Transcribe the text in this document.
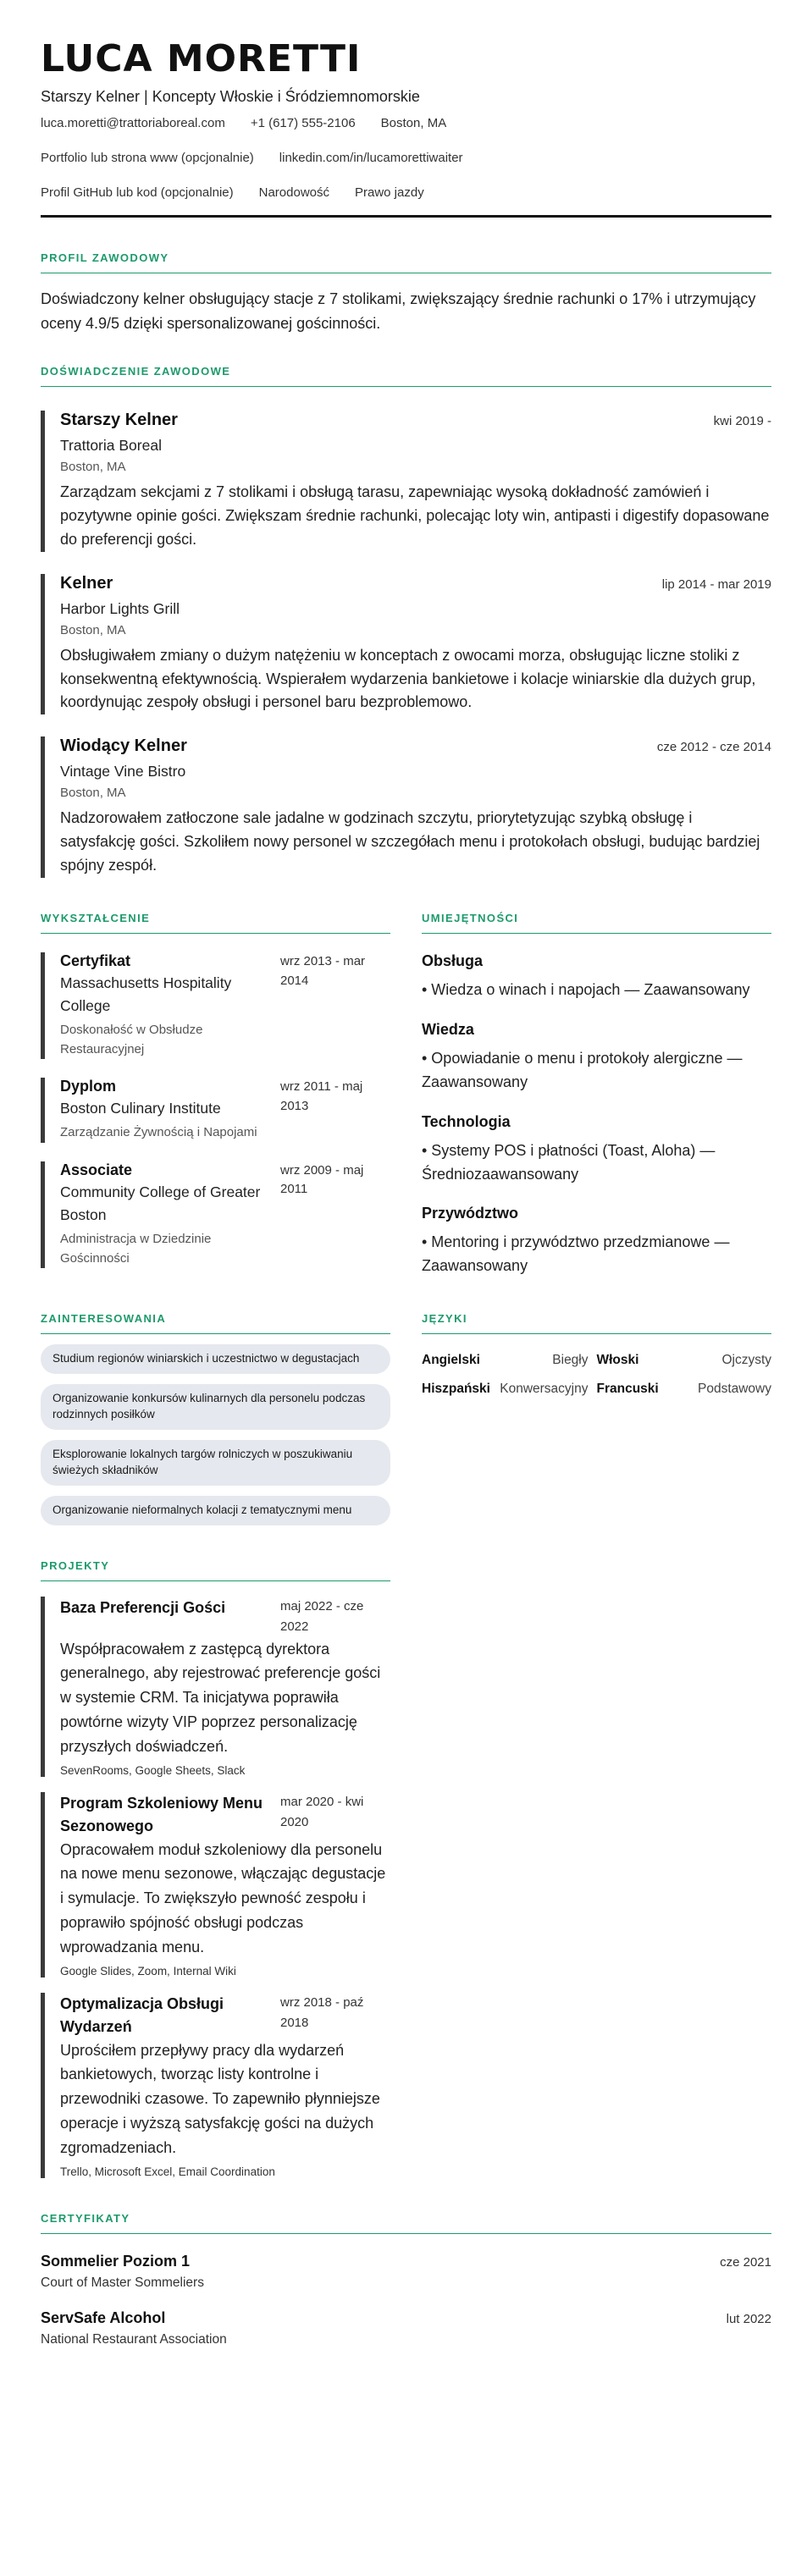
LUCA MORETTI
Starszy Kelner | Koncepty Włoskie i Śródziemnomorskie
luca.moretti@trattoriaboreal.com +1 (617) 555-2106 Boston, MA
Portfolio lub strona www (opcjonalnie) linkedin.com/in/lucamorettiwaiter
Profil GitHub lub kod (opcjonalnie) Narodowość Prawo jazdy
PROFIL ZAWODOWY
Doświadczony kelner obsługujący stacje z 7 stolikami, zwiększający średnie rachunki o 17% i utrzymujący oceny 4.9/5 dzięki spersonalizowanej gościnności.
DOŚWIADCZENIE ZAWODOWE
Starszy Kelner	kwi 2019 -
Trattoria Boreal
Boston, MA
Zarządzam sekcjami z 7 stolikami i obsługą tarasu, zapewniając wysoką dokładność zamówień i pozytywne opinie gości. Zwiększam średnie rachunki, polecając loty win, antipasti i digestify dopasowane do preferencji gości.
Kelner	lip 2014 - mar 2019
Harbor Lights Grill
Boston, MA
Obsługiwałem zmiany o dużym natężeniu w konceptach z owocami morza, obsługując liczne stoliki z konsekwentną efektywnością. Wspierałem wydarzenia bankietowe i kolacje winiarskie dla dużych grup, koordynując zespoły obsługi i personel baru bezproblemowo.
Wiodący Kelner	cze 2012 - cze 2014
Vintage Vine Bistro
Boston, MA
Nadzorowałem zatłoczone sale jadalne w godzinach szczytu, priorytetyzując szybką obsługę i satysfakcję gości. Szkoliłem nowy personel w szczegółach menu i protokołach obsługi, budując bardziej spójny zespół.
WYKSZTAŁCENIE
Certyfikat
Massachusetts Hospitality College
Doskonałość w Obsłudze Restauracyjnej
wrz 2013 - mar 2014
Dyplom
Boston Culinary Institute
Zarządzanie Żywnością i Napojami
wrz 2011 - maj 2013
Associate
Community College of Greater Boston
Administracja w Dziedzinie Gościnności
wrz 2009 - maj 2011
UMIEJĘTNOŚCI
Obsługa
• Wiedza o winach i napojach — Zaawansowany
Wiedza
• Opowiadanie o menu i protokoły alergiczne — Zaawansowany
Technologia
• Systemy POS i płatności (Toast, Aloha) — Średniozaawansowany
Przywództwo
• Mentoring i przywództwo przedzmianowe — Zaawansowany
ZAINTERESOWANIA
Studium regionów winiarskich i uczestnictwo w degustacjach
Organizowanie konkursów kulinarnych dla personelu podczas rodzinnych posiłków
Eksplorowanie lokalnych targów rolniczych w poszukiwaniu świeżych składników
Organizowanie nieformalnych kolacji z tematycznymi menu
JĘZYKI
Angielski	Biegły Włoski	Ojczysty
Hiszpański Konwersacyjny Francuski	Podstawowy
PROJEKTY
Baza Preferencji Gości	maj 2022 - cze 2022
Współpracowałem z zastępcą dyrektora generalnego, aby rejestrować preferencje gości w systemie CRM. Ta inicjatywa poprawiła powtórne wizyty VIP poprzez personalizację przyszłych doświadczeń.
SevenRooms, Google Sheets, Slack
Program Szkoleniowy Menu Sezonowego
mar 2020 - kwi 2020
Opracowałem moduł szkoleniowy dla personelu na nowe menu sezonowe, włączając degustacje i symulacje. To zwiększyło pewność zespołu i poprawiło spójność obsługi podczas wprowadzania menu.
Google Slides, Zoom, Internal Wiki
Optymalizacja Obsługi Wydarzeń
wrz 2018 - paź 2018
Uprościłem przepływy pracy dla wydarzeń bankietowych, tworząc listy kontrolne i przewodniki czasowe. To zapewniło płynniejsze operacje i wyższą satysfakcję gości na dużych zgromadzeniach.
Trello, Microsoft Excel, Email Coordination
CERTYFIKATY
Sommelier Poziom 1	cze 2021
Court of Master Sommeliers
ServSafe Alcohol	lut 2022
National Restaurant Association
